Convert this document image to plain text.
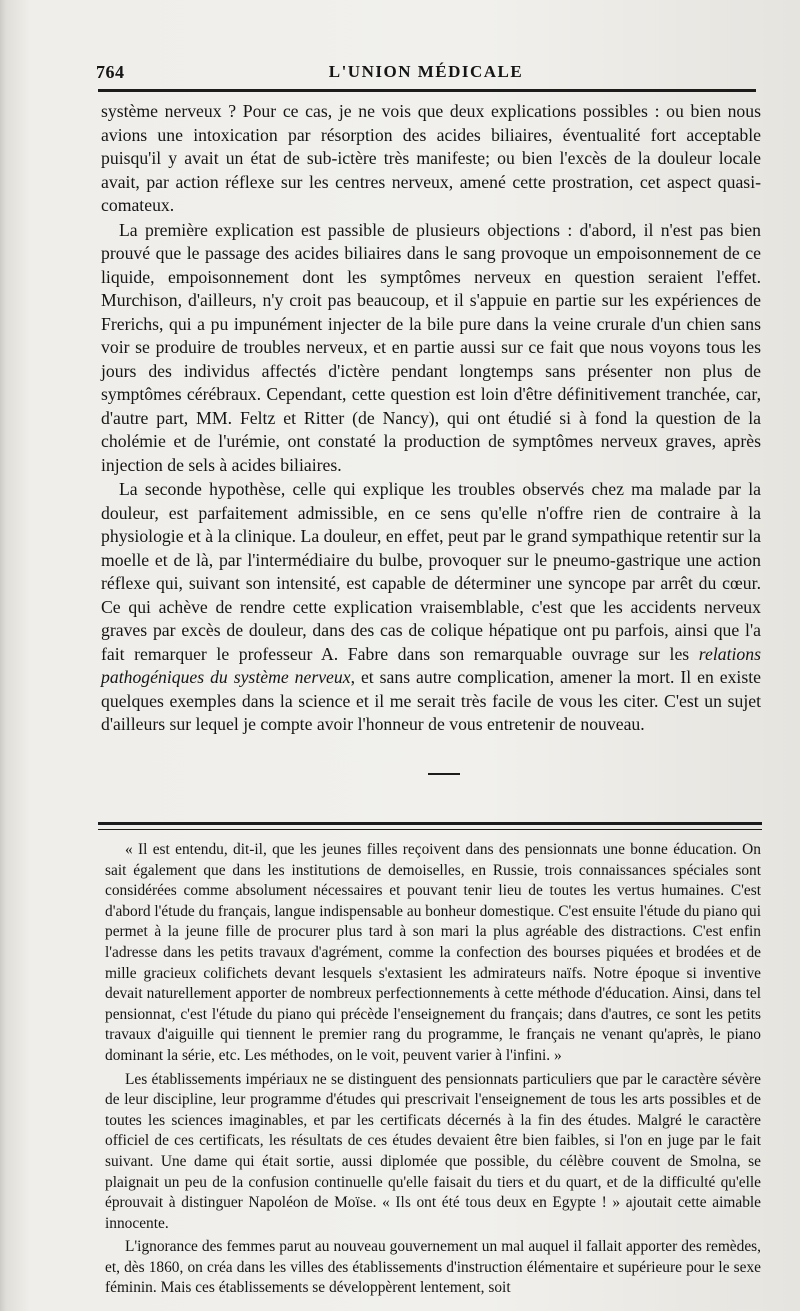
764	L'UNION MÉDICALE

système nerveux ? Pour ce cas, je ne vois que deux explications possibles : ou bien nous avions une intoxication par résorption des acides biliaires, éventualité fort acceptable puisqu'il y avait un état de sub-ictère très manifeste; ou bien l'excès de la douleur locale avait, par action réflexe sur les centres nerveux, amené cette prostration, cet aspect quasi-comateux.

La première explication est passible de plusieurs objections : d'abord, il n'est pas bien prouvé que le passage des acides biliaires dans le sang provoque un empoisonnement de ce liquide, empoisonnement dont les symptômes nerveux en question seraient l'effet. Murchison, d'ailleurs, n'y croit pas beaucoup, et il s'appuie en partie sur les expériences de Frerichs, qui a pu impunément injecter de la bile pure dans la veine crurale d'un chien sans voir se produire de troubles nerveux, et en partie aussi sur ce fait que nous voyons tous les jours des individus affectés d'ictère pendant longtemps sans présenter non plus de symptômes cérébraux. Cependant, cette question est loin d'être définitivement tranchée, car, d'autre part, MM. Feltz et Ritter (de Nancy), qui ont étudié si à fond la question de la cholémie et de l'urémie, ont constaté la production de symptômes nerveux graves, après injection de sels à acides biliaires.

La seconde hypothèse, celle qui explique les troubles observés chez ma malade par la douleur, est parfaitement admissible, en ce sens qu'elle n'offre rien de contraire à la physiologie et à la clinique. La douleur, en effet, peut par le grand sympathique retentir sur la moelle et de là, par l'intermédiaire du bulbe, provoquer sur le pneumo-gastrique une action réflexe qui, suivant son intensité, est capable de déterminer une syncope par arrêt du cœur. Ce qui achève de rendre cette explication vraisemblable, c'est que les accidents nerveux graves par excès de douleur, dans des cas de colique hépatique ont pu parfois, ainsi que l'a fait remarquer le professeur A. Fabre dans son remarquable ouvrage sur les relations pathogéniques du système nerveux, et sans autre complication, amener la mort. Il en existe quelques exemples dans la science et il me serait très facile de vous les citer. C'est un sujet d'ailleurs sur lequel je compte avoir l'honneur de vous entretenir de nouveau.

« Il est entendu, dit-il, que les jeunes filles reçoivent dans des pensionnats une bonne éducation. On sait également que dans les institutions de demoiselles, en Russie, trois connaissances spéciales sont considérées comme absolument nécessaires et pouvant tenir lieu de toutes les vertus humaines. C'est d'abord l'étude du français, langue indispensable au bonheur domestique. C'est ensuite l'étude du piano qui permet à la jeune fille de procurer plus tard à son mari la plus agréable des distractions. C'est enfin l'adresse dans les petits travaux d'agrément, comme la confection des bourses piquées et brodées et de mille gracieux colifichets devant lesquels s'extasient les admirateurs naïfs. Notre époque si inventive devait naturellement apporter de nombreux perfectionnements à cette méthode d'éducation. Ainsi, dans tel pensionnat, c'est l'étude du piano qui précède l'enseignement du français; dans d'autres, ce sont les petits travaux d'aiguille qui tiennent le premier rang du programme, le français ne venant qu'après, le piano dominant la série, etc. Les méthodes, on le voit, peuvent varier à l'infini. »

Les établissements impériaux ne se distinguent des pensionnats particuliers que par le caractère sévère de leur discipline, leur programme d'études qui prescrivait l'enseignement de tous les arts possibles et de toutes les sciences imaginables, et par les certificats décernés à la fin des études. Malgré le caractère officiel de ces certificats, les résultats de ces études devaient être bien faibles, si l'on en juge par le fait suivant. Une dame qui était sortie, aussi diplomée que possible, du célèbre couvent de Smolna, se plaignait un peu de la confusion continuelle qu'elle faisait du tiers et du quart, et de la difficulté qu'elle éprouvait à distinguer Napoléon de Moïse. « Ils ont été tous deux en Egypte ! » ajoutait cette aimable innocente.

L'ignorance des femmes parut au nouveau gouvernement un mal auquel il fallait apporter des remèdes, et, dès 1860, on créa dans les villes des établissements d'instruction élémentaire et supérieure pour le sexe féminin. Mais ces établissements se développèrent lentement, soit
